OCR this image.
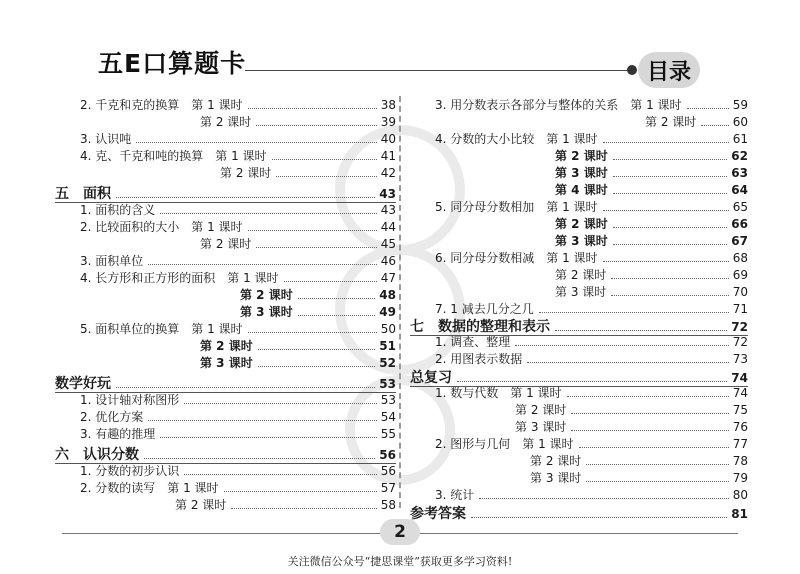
五E口算题卡	目录
2. 千克和克的换算　第 1 课时	38
第 2 课时	39
3. 认识吨	40
4. 克、千克和吨的换算　第 1 课时	41
第 2 课时	42
五　面积	43
1. 面积的含义	43
2. 比较面积的大小　第 1 课时	44
第 2 课时	45
3. 面积单位	46
4. 长方形和正方形的面积　第 1 课时	47
第 2 课时	48
第 3 课时	49
5. 面积单位的换算　第 1 课时	50
第 2 课时	51
第 3 课时	52
数学好玩	53
1. 设计轴对称图形	53
2. 优化方案	54
3. 有趣的推理	55
六　认识分数	56
1. 分数的初步认识	56
2. 分数的读写　第 1 课时	57
第 2 课时	58
3. 用分数表示各部分与整体的关系　第 1 课时	59
第 2 课时	60
4. 分数的大小比较　第 1 课时	61
第 2 课时	62
第 3 课时	63
第 4 课时	64
5. 同分母分数相加　第 1 课时	65
第 2 课时	66
第 3 课时	67
6. 同分母分数相减　第 1 课时	68
第 2 课时	69
第 3 课时	70
7. 1 减去几分之几	71
七　数据的整理和表示	72
1. 调查、整理	72
2. 用图表示数据	73
总复习	74
1. 数与代数　第 1 课时	74
第 2 课时	75
第 3 课时	76
2. 图形与几何　第 1 课时	77
第 2 课时	78
第 3 课时	79
3. 统计	80
参考答案	81
2
关注微信公众号“捷思课堂”获取更多学习资料!
